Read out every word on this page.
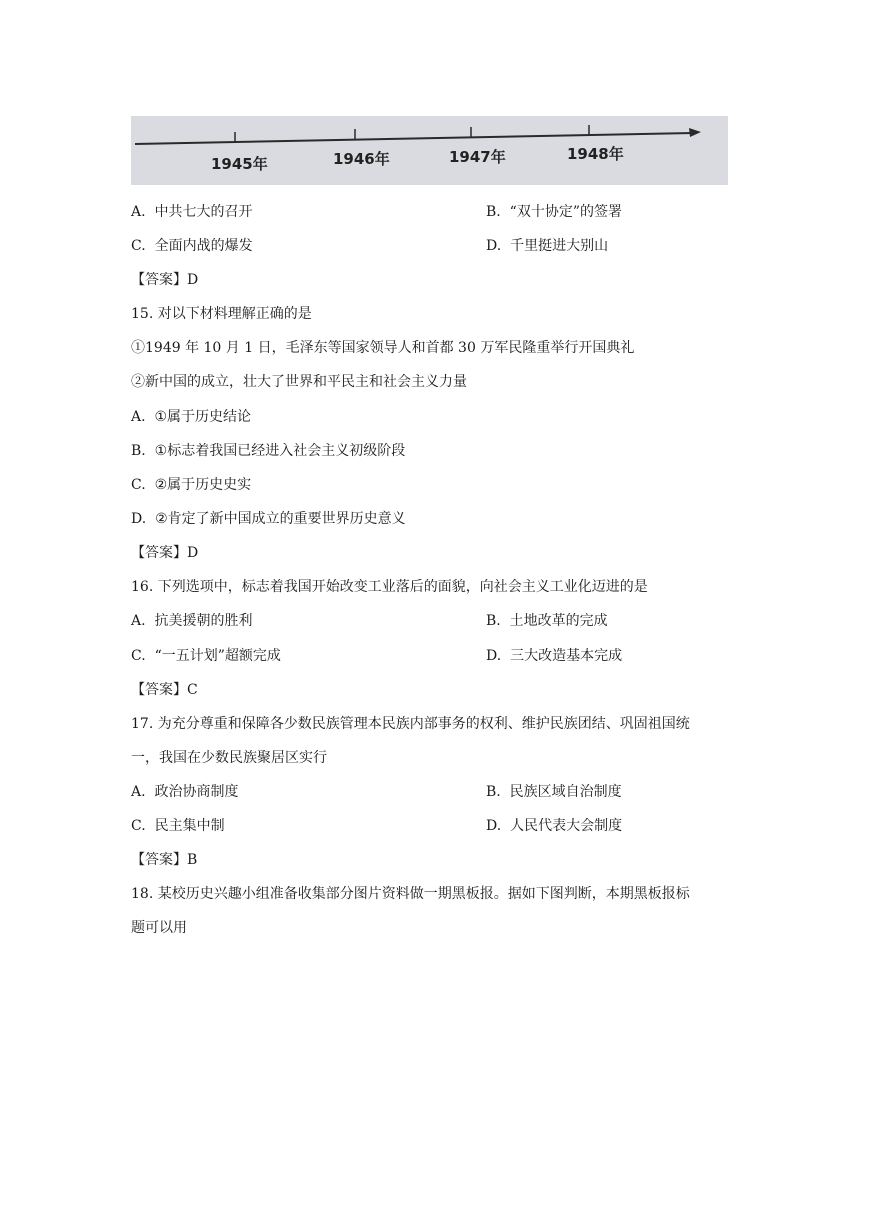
1945年	1946年	1947年	1948年
A. 中共七大的召开	B. “双十协定”的签署
C. 全面内战的爆发	D. 千里挺进大别山
【答案】D
15. 对以下材料理解正确的是
①1949 年 10 月 1 日，毛泽东等国家领导人和首都 30 万军民隆重举行开国典礼
②新中国的成立，壮大了世界和平民主和社会主义力量
A. ①属于历史结论
B. ①标志着我国已经进入社会主义初级阶段
C. ②属于历史史实
D. ②肯定了新中国成立的重要世界历史意义
【答案】D
16. 下列选项中，标志着我国开始改变工业落后的面貌，向社会主义工业化迈进的是
A. 抗美援朝的胜利	B. 土地改革的完成
C. “一五计划”超额完成	D. 三大改造基本完成
【答案】C
17. 为充分尊重和保障各少数民族管理本民族内部事务的权利、维护民族团结、巩固祖国统
一，我国在少数民族聚居区实行
A. 政治协商制度	B. 民族区域自治制度
C. 民主集中制	D. 人民代表大会制度
【答案】B
18. 某校历史兴趣小组准备收集部分图片资料做一期黑板报。据如下图判断，本期黑板报标
题可以用
